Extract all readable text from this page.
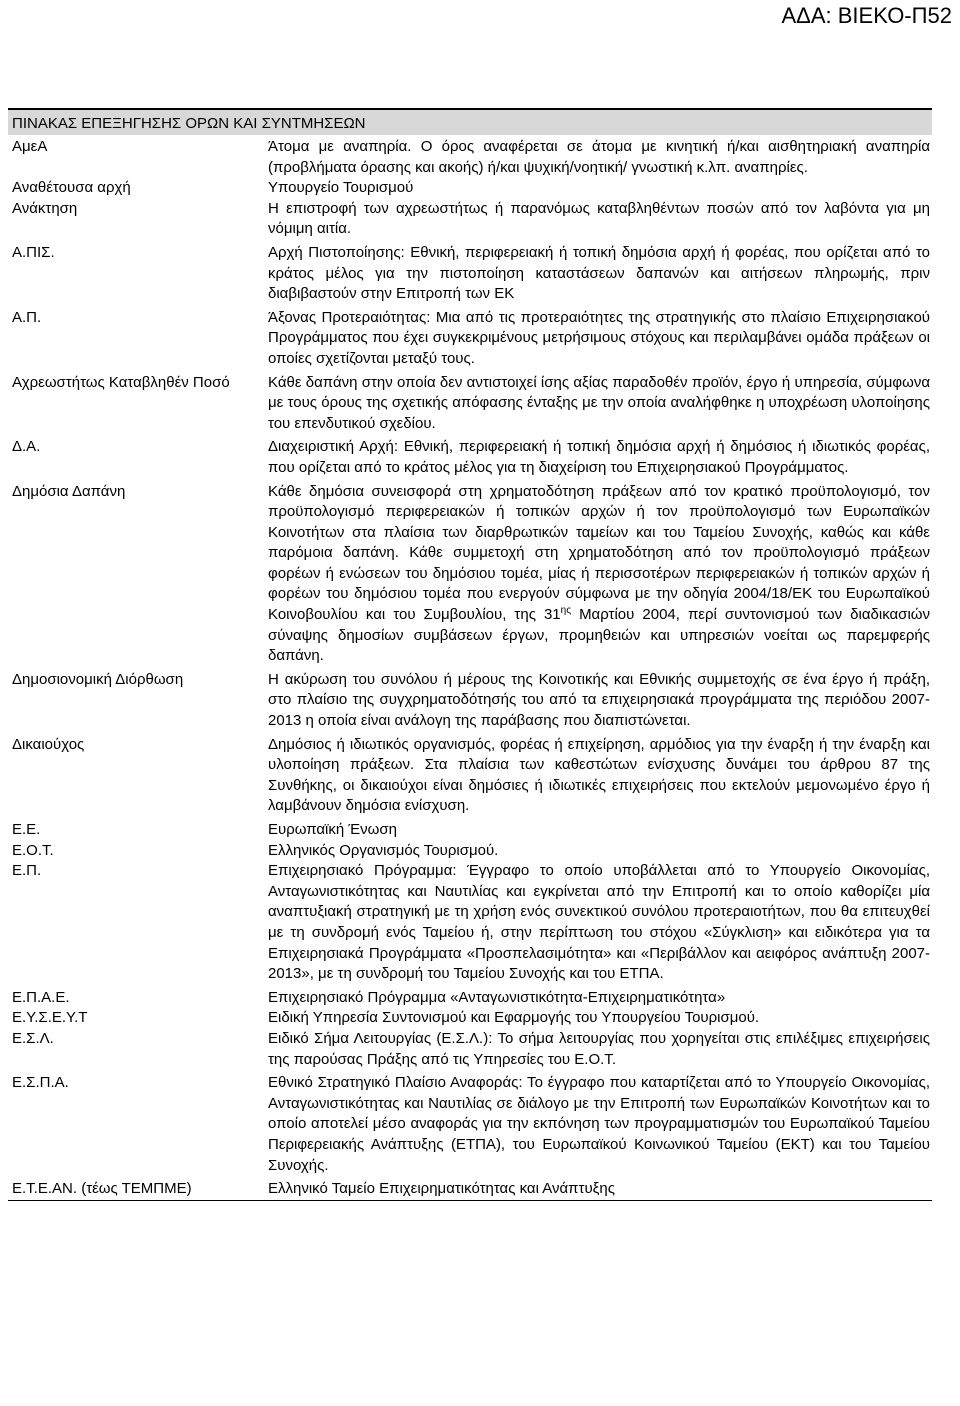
ΑΔΑ: ΒΙΕΚΟ-Π52
ΠΙΝΑΚΑΣ ΕΠΕΞΗΓΗΣΗΣ ΟΡΩΝ ΚΑΙ ΣΥΝΤΜΗΣΕΩΝ
ΑμεΑ	Άτομα με αναπηρία. Ο όρος αναφέρεται σε άτομα με κινητική ή/και αισθητηριακή αναπηρία (προβλήματα όρασης και ακοής) ή/και ψυχική/νοητική/ γνωστική κ.λπ. αναπηρίες.
Αναθέτουσα αρχή	Υπουργείο Τουρισμού
Ανάκτηση	Η επιστροφή των αχρεωστήτως ή παρανόμως καταβληθέντων ποσών από τον λαβόντα για μη νόμιμη αιτία.
Α.ΠΙΣ.	Αρχή Πιστοποίησης: Εθνική, περιφερειακή ή τοπική δημόσια αρχή ή φορέας, που ορίζεται από το κράτος μέλος για την πιστοποίηση καταστάσεων δαπανών και αιτήσεων πληρωμής, πριν διαβιβαστούν στην Επιτροπή των ΕΚ
Α.Π.	Άξονας Προτεραιότητας: Μια από τις προτεραιότητες της στρατηγικής στο πλαίσιο Επιχειρησιακού Προγράμματος που έχει συγκεκριμένους μετρήσιμους στόχους και περιλαμβάνει ομάδα πράξεων οι οποίες σχετίζονται μεταξύ τους.
Αχρεωστήτως Καταβληθέν Ποσό	Κάθε δαπάνη στην οποία δεν αντιστοιχεί ίσης αξίας παραδοθέν προϊόν, έργο ή υπηρεσία, σύμφωνα με τους όρους της σχετικής απόφασης ένταξης με την οποία αναλήφθηκε η υποχρέωση υλοποίησης του επενδυτικού σχεδίου.
Δ.Α.	Διαχειριστική Αρχή: Εθνική, περιφερειακή ή τοπική δημόσια αρχή ή δημόσιος ή ιδιωτικός φορέας, που ορίζεται από το κράτος μέλος για τη διαχείριση του Επιχειρησιακού Προγράμματος.
Δημόσια Δαπάνη	Κάθε δημόσια συνεισφορά στη χρηματοδότηση πράξεων από τον κρατικό προϋπολογισμό, τον προϋπολογισμό περιφερειακών ή τοπικών αρχών ή τον προϋπολογισμό των Ευρωπαϊκών Κοινοτήτων στα πλαίσια των διαρθρωτικών ταμείων και του Ταμείου Συνοχής, καθώς και κάθε παρόμοια δαπάνη. Κάθε συμμετοχή στη χρηματοδότηση από τον προϋπολογισμό πράξεων φορέων ή ενώσεων του δημόσιου τομέα, μίας ή περισσοτέρων περιφερειακών ή τοπικών αρχών ή φορέων του δημόσιου τομέα που ενεργούν σύμφωνα με την οδηγία 2004/18/ΕΚ του Ευρωπαϊκού Κοινοβουλίου και του Συμβουλίου, της $31^{\eta\varsigma}$ Μαρτίου 2004, περί συντονισμού των διαδικασιών σύναψης δημοσίων συμβάσεων έργων, προμηθειών και υπηρεσιών νοείται ως παρεμφερής δαπάνη.
Δημοσιονομική Διόρθωση	Η ακύρωση του συνόλου ή μέρους της Κοινοτικής και Εθνικής συμμετοχής σε ένα έργο ή πράξη, στο πλαίσιο της συγχρηματοδότησής του από τα επιχειρησιακά προγράμματα της περιόδου 2007-2013 η οποία είναι ανάλογη της παράβασης που διαπιστώνεται.
Δικαιούχος	Δημόσιος ή ιδιωτικός οργανισμός, φορέας ή επιχείρηση, αρμόδιος για την έναρξη ή την έναρξη και υλοποίηση πράξεων. Στα πλαίσια των καθεστώτων ενίσχυσης δυνάμει του άρθρου 87 της Συνθήκης, οι δικαιούχοι είναι δημόσιες ή ιδιωτικές επιχειρήσεις που εκτελούν μεμονωμένο έργο ή λαμβάνουν δημόσια ενίσχυση.
Ε.Ε.	Ευρωπαϊκή Ένωση
Ε.Ο.Τ.	Ελληνικός Οργανισμός Τουρισμού.
Ε.Π.	Επιχειρησιακό Πρόγραμμα: Έγγραφο το οποίο υποβάλλεται από το Υπουργείο Οικονομίας, Ανταγωνιστικότητας και Ναυτιλίας και εγκρίνεται από την Επιτροπή και το οποίο καθορίζει μία αναπτυξιακή στρατηγική με τη χρήση ενός συνεκτικού συνόλου προτεραιοτήτων, που θα επιτευχθεί με τη συνδρομή ενός Ταμείου ή, στην περίπτωση του στόχου «Σύγκλιση» και ειδικότερα για τα Επιχειρησιακά Προγράμματα «Προσπελασιμότητα» και «Περιβάλλον και αειφόρος ανάπτυξη 2007-2013», με τη συνδρομή του Ταμείου Συνοχής και του ΕΤΠΑ.
Ε.Π.Α.Ε.	Επιχειρησιακό Πρόγραμμα «Ανταγωνιστικότητα-Επιχειρηματικότητα»
Ε.Υ.Σ.Ε.Υ.Τ	Ειδική Υπηρεσία Συντονισμού και Εφαρμογής του Υπουργείου Τουρισμού.
Ε.Σ.Λ.	Ειδικό Σήμα Λειτουργίας (Ε.Σ.Λ.): Το σήμα λειτουργίας που χορηγείται στις επιλέξιμες επιχειρήσεις της παρούσας Πράξης από τις Υπηρεσίες του Ε.Ο.Τ.
Ε.Σ.Π.Α.	Εθνικό Στρατηγικό Πλαίσιο Αναφοράς: Το έγγραφο που καταρτίζεται από το Υπουργείο Οικονομίας, Ανταγωνιστικότητας και Ναυτιλίας σε διάλογο με την Επιτροπή των Ευρωπαϊκών Κοινοτήτων και το οποίο αποτελεί μέσο αναφοράς για την εκπόνηση των προγραμματισμών του Ευρωπαϊκού Ταμείου Περιφερειακής Ανάπτυξης (ΕΤΠΑ), του Ευρωπαϊκού Κοινωνικού Ταμείου (ΕΚΤ) και του Ταμείου Συνοχής.
Ε.Τ.Ε.ΑΝ. (τέως ΤΕΜΠΜΕ)	Ελληνικό Ταμείο Επιχειρηματικότητας και Ανάπτυξης
